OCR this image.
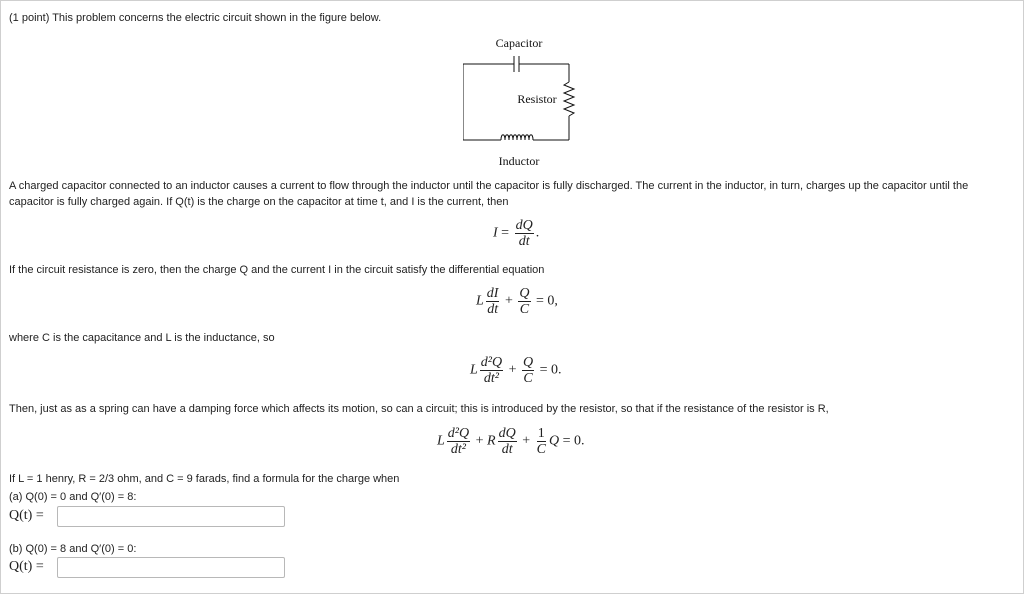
(1 point) This problem concerns the electric circuit shown in the figure below.
Capacitor
Resistor
Inductor
A charged capacitor connected to an inductor causes a current to flow through the inductor until the capacitor is fully discharged. The current in the inductor, in turn, charges up the capacitor until the capacitor is fully charged again. If Q(t) is the charge on the capacitor at time t, and I is the current, then
$I = \frac{dQ}{dt}$ .
If the circuit resistance is zero, then the charge Q and the current I in the circuit satisfy the differential equation
L $\frac{dI}{dt} + \frac{Q}{C} = 0$,
where C is the capacitance and L is the inductance, so
L $\frac{\text{d²Q}}{\text{dt²}} + \frac{Q}{C} = 0$.
Then, just as as a spring can have a damping force which affects its motion, so can a circuit; this is introduced by the resistor, so that if the resistance of the resistor is R,
L $\frac{\text{d²Q}}{\text{dt²}} + R \frac{dQ}{dt} + \frac{1}{C}$ Q = 0.
If L = 1 henry, R = 2/3 ohm, and C = 9 farads, find a formula for the charge when
(a) Q(0) = 0 and Q′(0) = 8:
Q(t) =
(b) Q(0) = 8 and Q′(0) = 0:
Q(t) =
